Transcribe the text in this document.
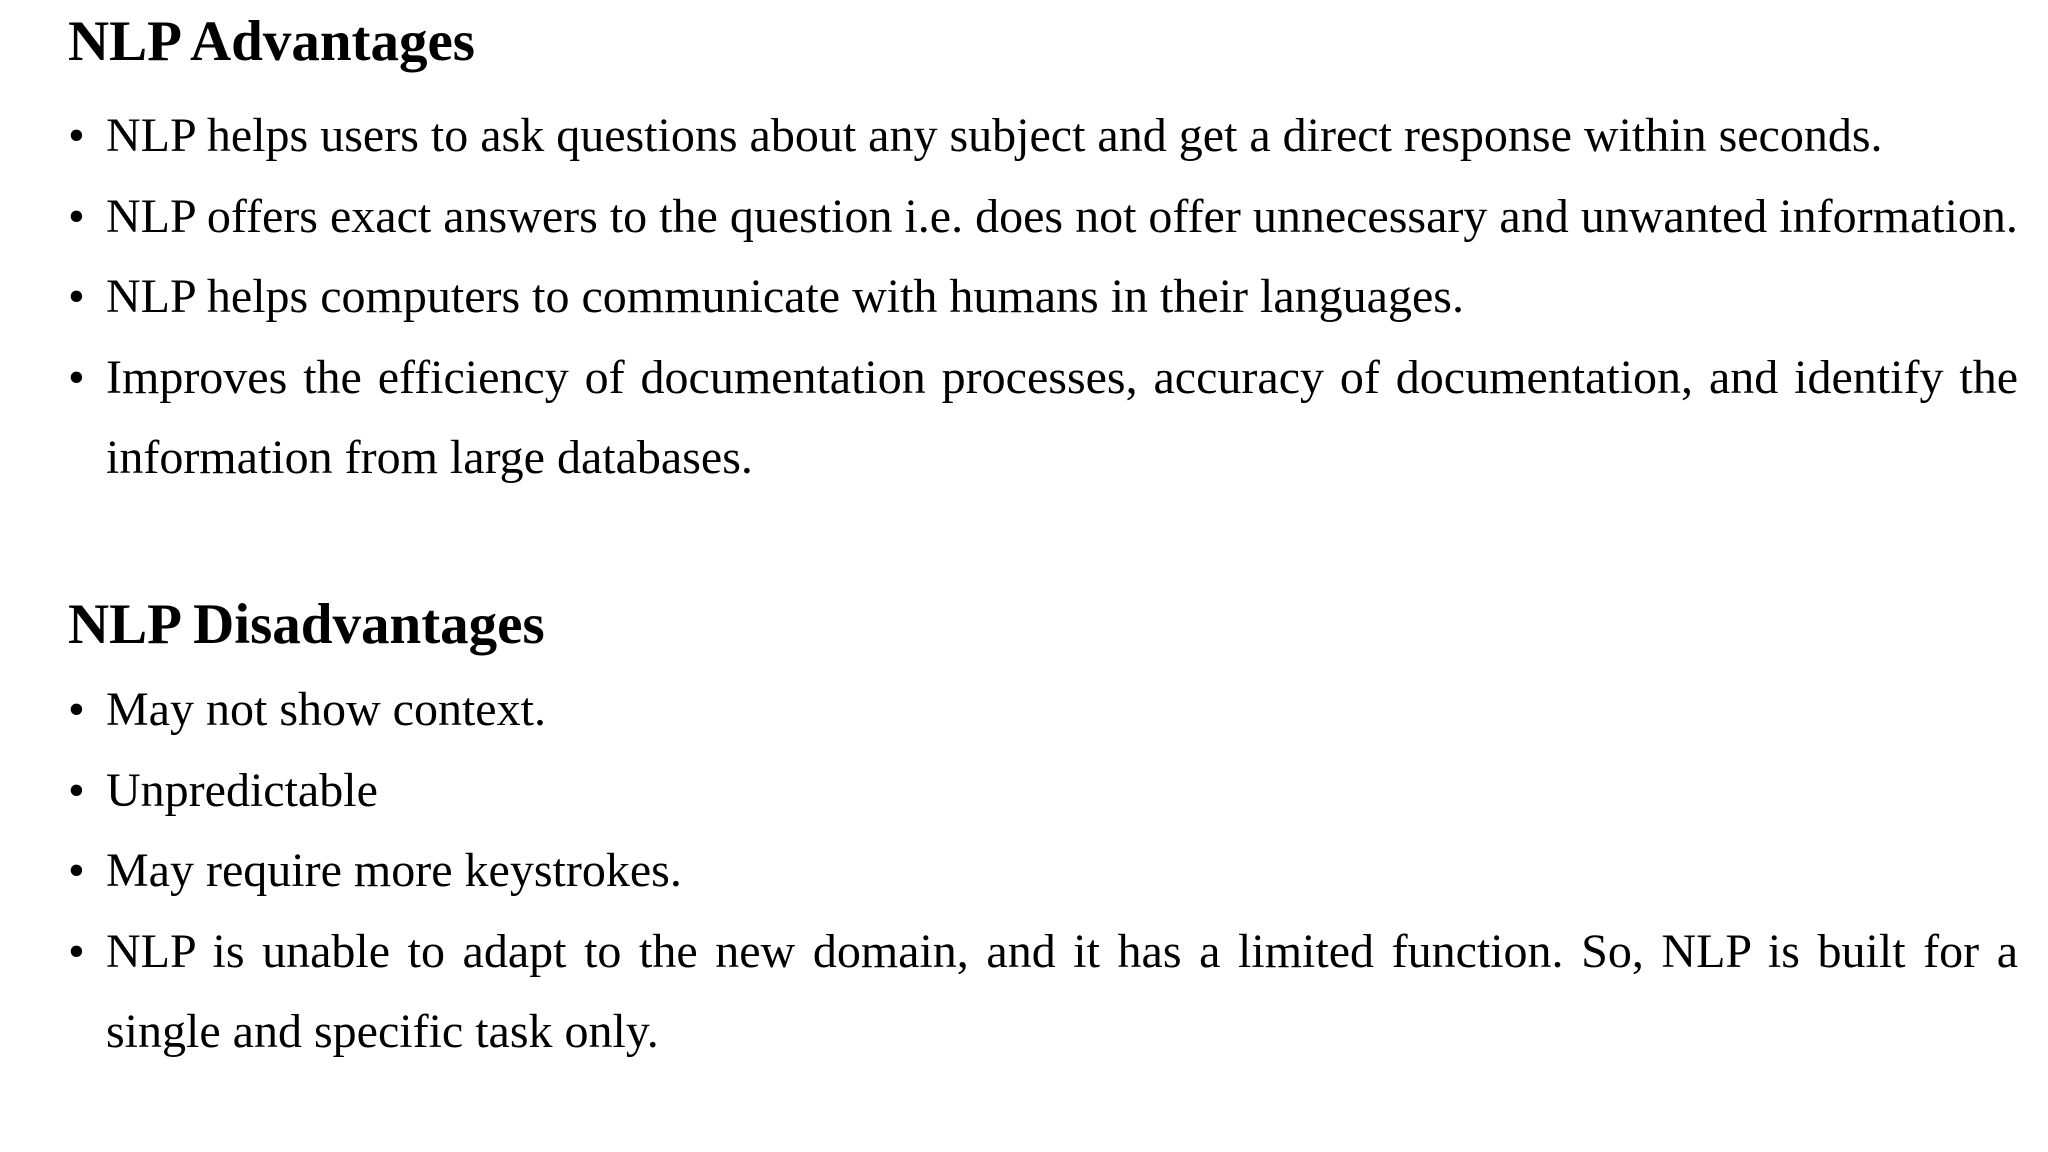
NLP Advantages
• NLP helps users to ask questions about any subject and get a direct response within seconds.
• NLP offers exact answers to the question i.e. does not offer unnecessary and unwanted information.
• NLP helps computers to communicate with humans in their languages.
• Improves the efficiency of documentation processes, accuracy of documentation, and identify the information from large databases.
NLP Disadvantages
• May not show context.
• Unpredictable
• May require more keystrokes.
• NLP is unable to adapt to the new domain, and it has a limited function. So, NLP is built for a single and specific task only.
